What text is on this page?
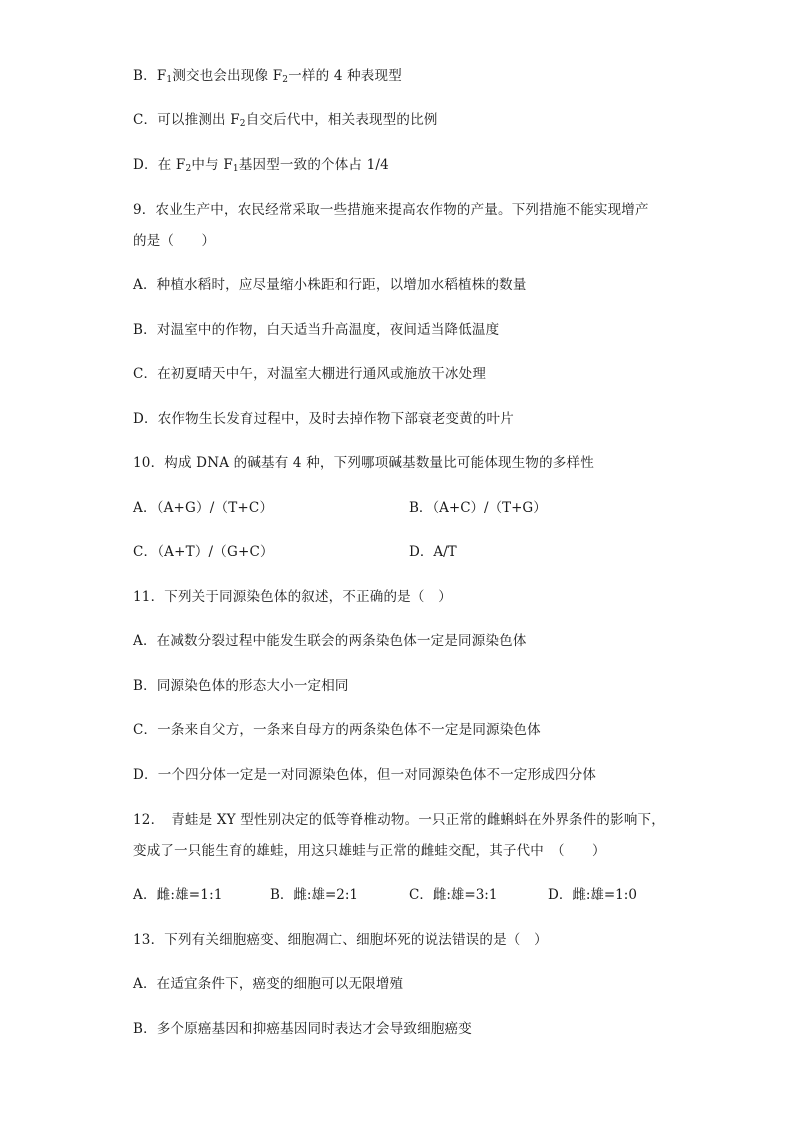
B．$F_1$测交也会出现像 $F_2$一样的 4 种表现型
C．可以推测出 $F_2$自交后代中，相关表现型的比例
D．在 $F_2$中与 $F_1$基因型一致的个体占 1/4
9．农业生产中，农民经常采取一些措施来提高农作物的产量。下列措施不能实现增产
的是（　　）
A．种植水稻时，应尽量缩小株距和行距，以增加水稻植株的数量
B．对温室中的作物，白天适当升高温度，夜间适当降低温度
C．在初夏晴天中午，对温室大棚进行通风或施放干冰处理
D．农作物生长发育过程中，及时去掉作物下部衰老变黄的叶片
10．构成 DNA 的碱基有 4 种，下列哪项碱基数量比可能体现生物的多样性
A．（A+G）/（T+C）	B．（A+C）/（T+G）
C．（A+T）/（G+C）	D．A/T
11．下列关于同源染色体的叙述，不正确的是（　）
A．在减数分裂过程中能发生联会的两条染色体一定是同源染色体
B．同源染色体的形态大小一定相同
C．一条来自父方，一条来自母方的两条染色体不一定是同源染色体
D．一个四分体一定是一对同源染色体，但一对同源染色体不一定形成四分体
12．　青蛙是 XY 型性别决定的低等脊椎动物。一只正常的雌蝌蚪在外界条件的影响下，
变成了一只能生育的雄蛙，用这只雄蛙与正常的雌蛙交配，其子代中　（　　）
A．雌:雄=1:1	B．雌:雄=2:1	C．雌:雄=3:1	D．雌:雄=1:0
13．下列有关细胞癌变、细胞凋亡、细胞坏死的说法错误的是（　）
A．在适宜条件下，癌变的细胞可以无限增殖
B．多个原癌基因和抑癌基因同时表达才会导致细胞癌变
